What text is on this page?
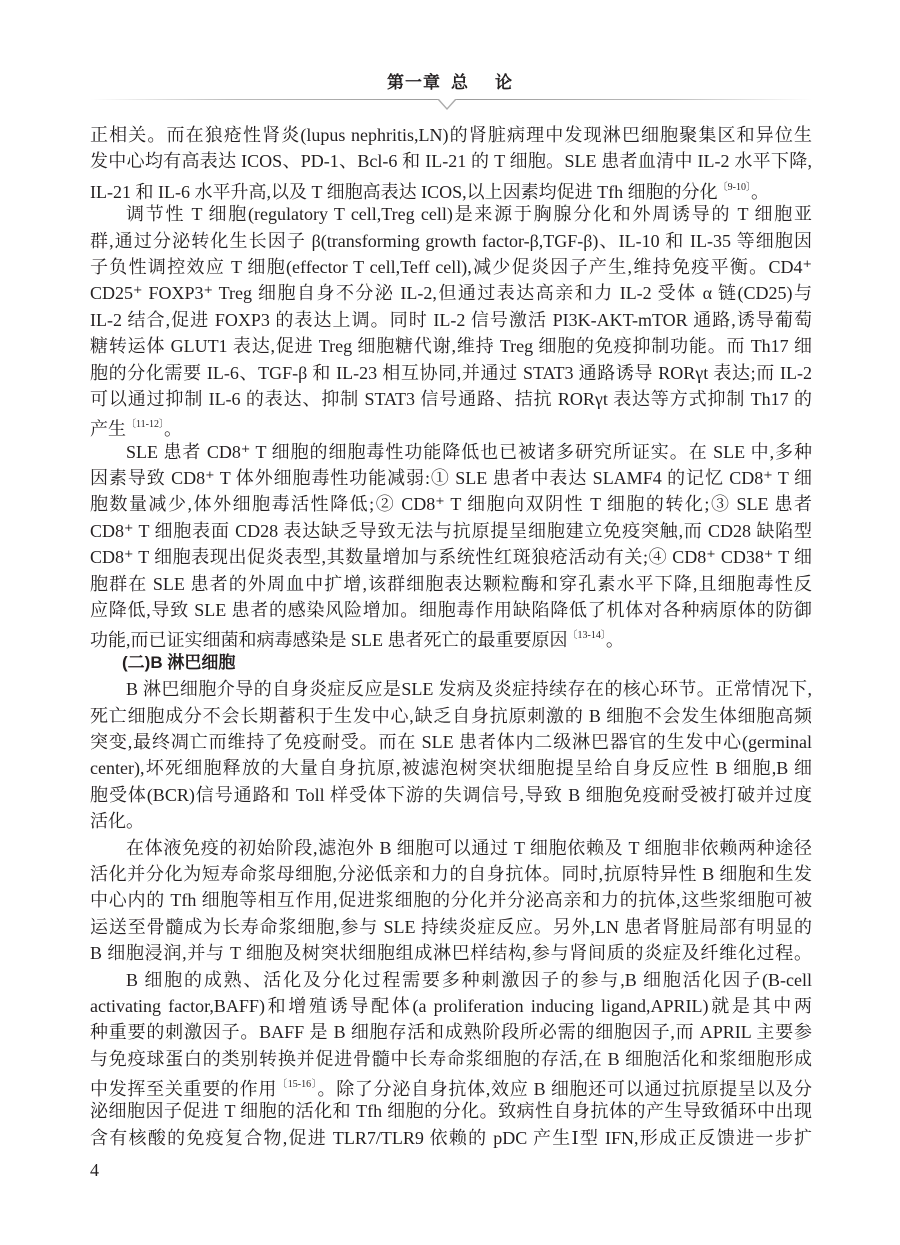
第一章 总 论
正相关。而在狼疮性肾炎(lupus nephritis,LN)的肾脏病理中发现淋巴细胞聚集区和异位生
发中心均有高表达 ICOS、PD-1、Bcl-6 和 IL-21 的 T 细胞。SLE 患者血清中 IL-2 水平下降,
IL-21 和 IL-6 水平升高,以及 T 细胞高表达 ICOS,以上因素均促进 Tfh 细胞的分化$^{〔9-10〕}$。
调节性 T 细胞(regulatory T cell,Treg cell)是来源于胸腺分化和外周诱导的 T 细胞亚
群,通过分泌转化生长因子 β(transforming growth factor-β,TGF-β)、IL-10 和 IL-35 等细胞因
子负性调控效应 T 细胞(effector T cell,Teff cell),减少促炎因子产生,维持免疫平衡。CD4⁺
CD25⁺ FOXP3⁺ Treg 细胞自身不分泌 IL-2,但通过表达高亲和力 IL-2 受体 α 链(CD25)与
IL-2 结合,促进 FOXP3 的表达上调。同时 IL-2 信号激活 PI3K-AKT-mTOR 通路,诱导葡萄
糖转运体 GLUT1 表达,促进 Treg 细胞糖代谢,维持 Treg 细胞的免疫抑制功能。而 Th17 细
胞的分化需要 IL-6、TGF-β 和 IL-23 相互协同,并通过 STAT3 通路诱导 RORγt 表达;而 IL-2
可以通过抑制 IL-6 的表达、抑制 STAT3 信号通路、拮抗 RORγt 表达等方式抑制 Th17 的
产生$^{〔11-12〕}$。
SLE 患者 CD8⁺ T 细胞的细胞毒性功能降低也已被诸多研究所证实。在 SLE 中,多种
因素导致 CD8⁺ T 体外细胞毒性功能减弱:① SLE 患者中表达 SLAMF4 的记忆 CD8⁺ T 细
胞数量减少,体外细胞毒活性降低;② CD8⁺ T 细胞向双阴性 T 细胞的转化;③ SLE 患者
CD8⁺ T 细胞表面 CD28 表达缺乏导致无法与抗原提呈细胞建立免疫突触,而 CD28 缺陷型
CD8⁺ T 细胞表现出促炎表型,其数量增加与系统性红斑狼疮活动有关;④ CD8⁺ CD38⁺ T 细
胞群在 SLE 患者的外周血中扩增,该群细胞表达颗粒酶和穿孔素水平下降,且细胞毒性反
应降低,导致 SLE 患者的感染风险增加。细胞毒作用缺陷降低了机体对各种病原体的防御
功能,而已证实细菌和病毒感染是 SLE 患者死亡的最重要原因$^{〔13-14〕}$。
(二)B 淋巴细胞
B 淋巴细胞介导的自身炎症反应是SLE 发病及炎症持续存在的核心环节。正常情况下,
死亡细胞成分不会长期蓄积于生发中心,缺乏自身抗原刺激的 B 细胞不会发生体细胞高频
突变,最终凋亡而维持了免疫耐受。而在 SLE 患者体内二级淋巴器官的生发中心(germinal
center),坏死细胞释放的大量自身抗原,被滤泡树突状细胞提呈给自身反应性 B 细胞,B 细
胞受体(BCR)信号通路和 Toll 样受体下游的失调信号,导致 B 细胞免疫耐受被打破并过度
活化。
在体液免疫的初始阶段,滤泡外 B 细胞可以通过 T 细胞依赖及 T 细胞非依赖两种途径
活化并分化为短寿命浆母细胞,分泌低亲和力的自身抗体。同时,抗原特异性 B 细胞和生发
中心内的 Tfh 细胞等相互作用,促进浆细胞的分化并分泌高亲和力的抗体,这些浆细胞可被
运送至骨髓成为长寿命浆细胞,参与 SLE 持续炎症反应。另外,LN 患者肾脏局部有明显的
B 细胞浸润,并与 T 细胞及树突状细胞组成淋巴样结构,参与肾间质的炎症及纤维化过程。
B 细胞的成熟、活化及分化过程需要多种刺激因子的参与,B 细胞活化因子(B-cell
activating factor,BAFF)和增殖诱导配体(a proliferation inducing ligand,APRIL)就是其中两
种重要的刺激因子。BAFF 是 B 细胞存活和成熟阶段所必需的细胞因子,而 APRIL 主要参
与免疫球蛋白的类别转换并促进骨髓中长寿命浆细胞的存活,在 B 细胞活化和浆细胞形成
中发挥至关重要的作用$^{〔15-16〕}$。除了分泌自身抗体,效应 B 细胞还可以通过抗原提呈以及分
泌细胞因子促进 T 细胞的活化和 Tfh 细胞的分化。致病性自身抗体的产生导致循环中出现
含有核酸的免疫复合物,促进 TLR7/TLR9 依赖的 pDC 产生Ⅰ型 IFN,形成正反馈进一步扩
4
